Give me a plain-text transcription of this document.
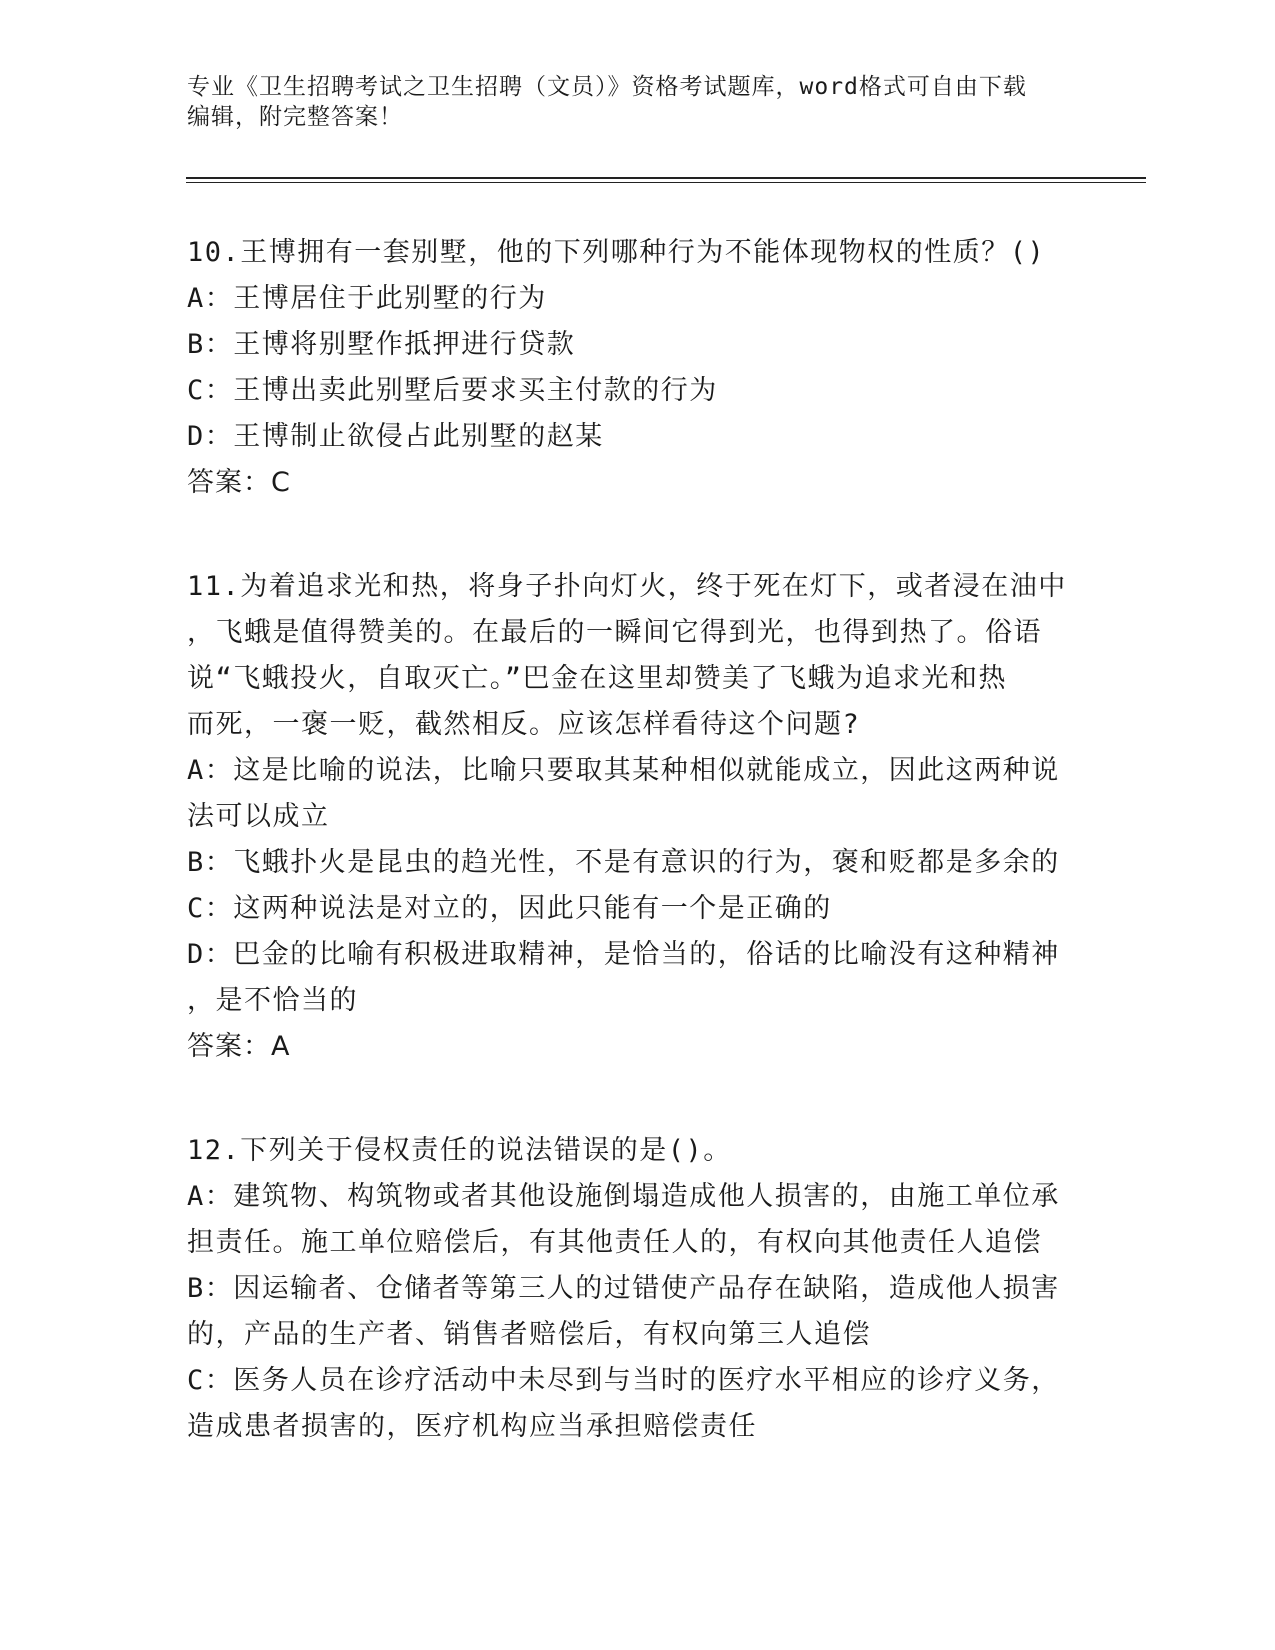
专业《卫生招聘考试之卫生招聘（文员）》资格考试题库，word格式可自由下载
编辑，附完整答案！
10.王博拥有一套别墅，他的下列哪种行为不能体现物权的性质？()
A：王博居住于此别墅的行为
B：王博将别墅作抵押进行贷款
C：王博出卖此别墅后要求买主付款的行为
D：王博制止欲侵占此别墅的赵某
答案：C
11.为着追求光和热，将身子扑向灯火，终于死在灯下，或者浸在油中
，飞蛾是值得赞美的。在最后的一瞬间它得到光，也得到热了。俗语
说“飞蛾投火，自取灭亡。”巴金在这里却赞美了飞蛾为追求光和热
而死，一褒一贬，截然相反。应该怎样看待这个问题?
A：这是比喻的说法，比喻只要取其某种相似就能成立，因此这两种说
法可以成立
B：飞蛾扑火是昆虫的趋光性，不是有意识的行为，褒和贬都是多余的
C：这两种说法是对立的，因此只能有一个是正确的
D：巴金的比喻有积极进取精神，是恰当的，俗话的比喻没有这种精神
，是不恰当的
答案：A
12.下列关于侵权责任的说法错误的是()。
A：建筑物、构筑物或者其他设施倒塌造成他人损害的，由施工单位承
担责任。施工单位赔偿后，有其他责任人的，有权向其他责任人追偿
B：因运输者、仓储者等第三人的过错使产品存在缺陷，造成他人损害
的，产品的生产者、销售者赔偿后，有权向第三人追偿
C：医务人员在诊疗活动中未尽到与当时的医疗水平相应的诊疗义务，
造成患者损害的，医疗机构应当承担赔偿责任
